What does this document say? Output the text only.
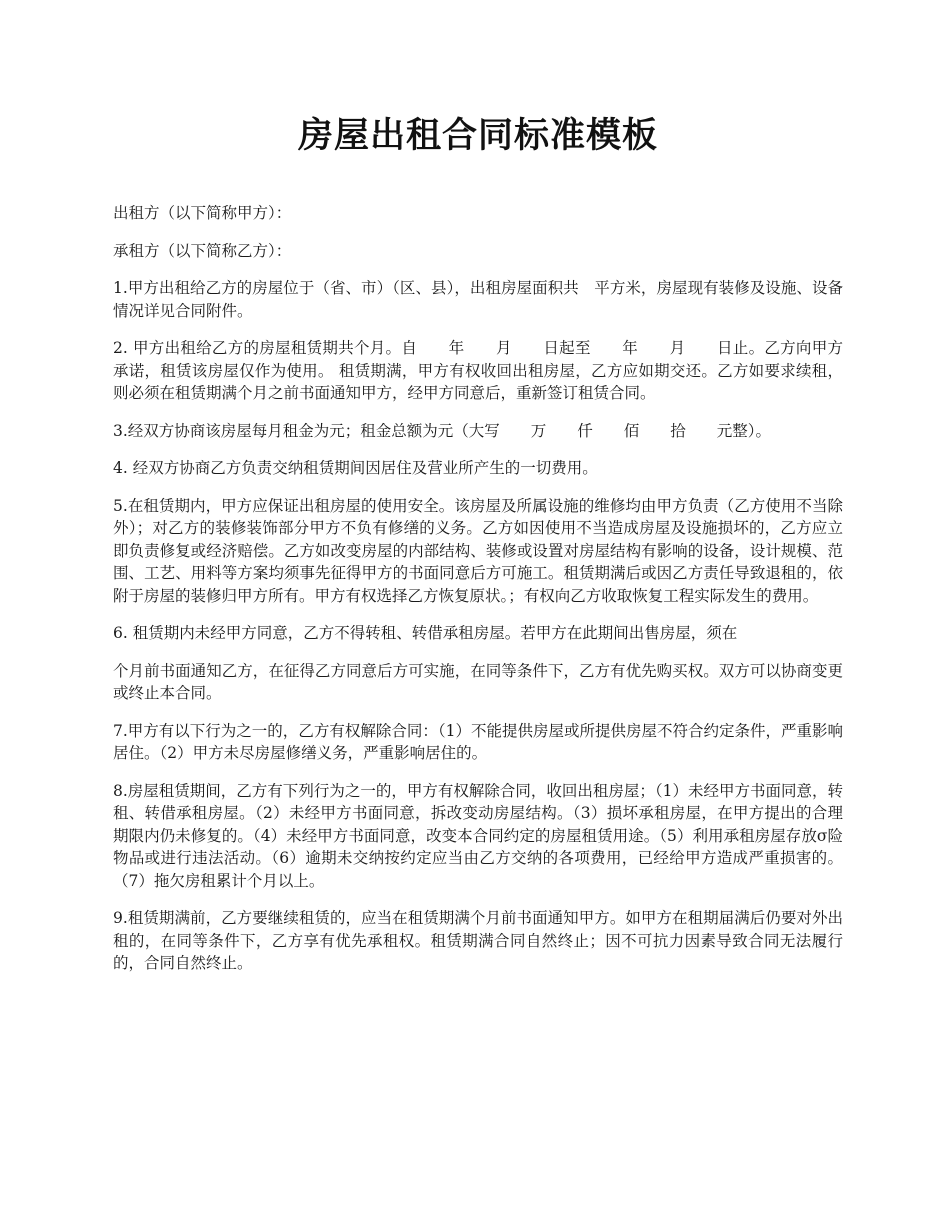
房屋出租合同标准模板

出租方（以下简称甲方）：

承租方（以下简称乙方）：

1.甲方出租给乙方的房屋位于（省、市）（区、县），出租房屋面积共　平方米，房屋现有装修及设施、设备情况详见合同附件。

2. 甲方出租给乙方的房屋租赁期共个月。自　　年　　月　　日起至　　年　　月　　日止。乙方向甲方承诺，租赁该房屋仅作为使用。 租赁期满，甲方有权收回出租房屋，乙方应如期交还。乙方如要求续租，则必须在租赁期满个月之前书面通知甲方，经甲方同意后，重新签订租赁合同。

3.经双方协商该房屋每月租金为元；租金总额为元（大写　　万　　仟　　佰　　拾　　元整）。

4. 经双方协商乙方负责交纳租赁期间因居住及营业所产生的一切费用。

5.在租赁期内，甲方应保证出租房屋的使用安全。该房屋及所属设施的维修均由甲方负责（乙方使用不当除外）；对乙方的装修装饰部分甲方不负有修缮的义务。乙方如因使用不当造成房屋及设施损坏的，乙方应立即负责修复或经济赔偿。乙方如改变房屋的内部结构、装修或设置对房屋结构有影响的设备，设计规模、范围、工艺、用料等方案均须事先征得甲方的书面同意后方可施工。租赁期满后或因乙方责任导致退租的，依附于房屋的装修归甲方所有。甲方有权选择乙方恢复原状。；有权向乙方收取恢复工程实际发生的费用。

6. 租赁期内未经甲方同意，乙方不得转租、转借承租房屋。若甲方在此期间出售房屋，须在

个月前书面通知乙方，在征得乙方同意后方可实施，在同等条件下，乙方有优先购买权。双方可以协商变更或终止本合同。

7.甲方有以下行为之一的，乙方有权解除合同：（1）不能提供房屋或所提供房屋不符合约定条件，严重影响居住。（2）甲方未尽房屋修缮义务，严重影响居住的。

8.房屋租赁期间，乙方有下列行为之一的，甲方有权解除合同，收回出租房屋；（1）未经甲方书面同意，转租、转借承租房屋。（2）未经甲方书面同意，拆改变动房屋结构。（3）损坏承租房屋，在甲方提出的合理期限内仍未修复的。（4）未经甲方书面同意，改变本合同约定的房屋租赁用途。（5）利用承租房屋存放σ险物品或进行违法活动。（6）逾期未交纳按约定应当由乙方交纳的各项费用，已经给甲方造成严重损害的。（7）拖欠房租累计个月以上。

9.租赁期满前，乙方要继续租赁的，应当在租赁期满个月前书面通知甲方。如甲方在租期届满后仍要对外出租的，在同等条件下，乙方享有优先承租权。租赁期满合同自然终止；因不可抗力因素导致合同无法履行的，合同自然终止。
